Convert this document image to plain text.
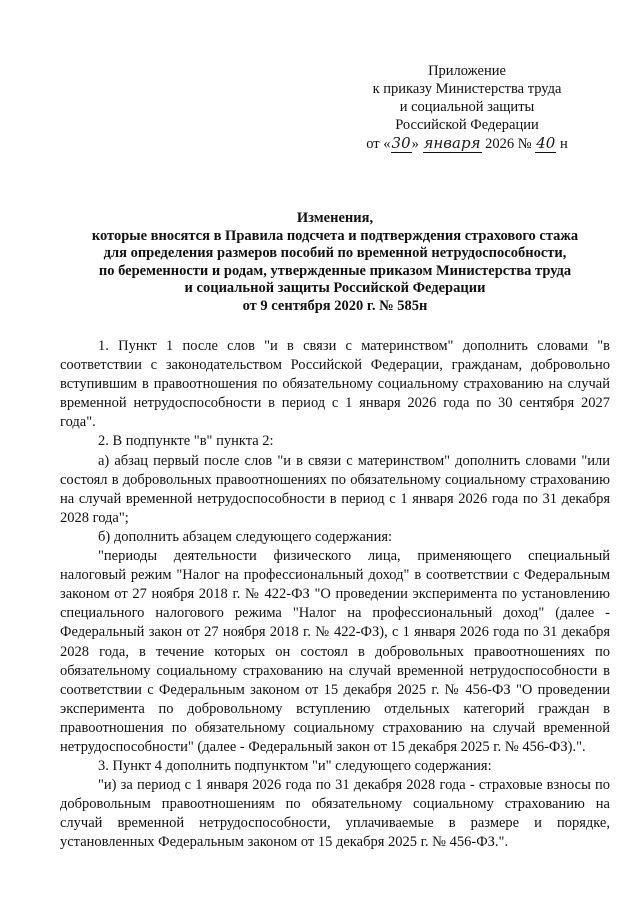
Приложение
к приказу Министерства труда
и социальной защиты
Российской Федерации
от «30» января 2026 № 40 н
Изменения,
которые вносятся в Правила подсчета и подтверждения страхового стажа
для определения размеров пособий по временной нетрудоспособности,
по беременности и родам, утвержденные приказом Министерства труда
и социальной защиты Российской Федерации
от 9 сентября 2020 г. № 585н

1. Пункт 1 после слов "и в связи с материнством" дополнить словами "в соответствии с законодательством Российской Федерации, гражданам, добровольно вступившим в правоотношения по обязательному социальному страхованию на случай временной нетрудоспособности в период с 1 января 2026 года по 30 сентября 2027 года".

2. В подпункте "в" пункта 2:

а) абзац первый после слов "и в связи с материнством" дополнить словами "или состоял в добровольных правоотношениях по обязательному социальному страхованию на случай временной нетрудоспособности в период с 1 января 2026 года по 31 декабря 2028 года";

б) дополнить абзацем следующего содержания:

"периоды деятельности физического лица, применяющего специальный налоговый режим "Налог на профессиональный доход" в соответствии с Федеральным законом от 27 ноября 2018 г. № 422-ФЗ "О проведении эксперимента по установлению специального налогового режима "Налог на профессиональный доход" (далее - Федеральный закон от 27 ноября 2018 г. № 422-ФЗ), с 1 января 2026 года по 31 декабря 2028 года, в течение которых он состоял в добровольных правоотношениях по обязательному социальному страхованию на случай временной нетрудоспособности в соответствии с Федеральным законом от 15 декабря 2025 г. № 456-ФЗ "О проведении эксперимента по добровольному вступлению отдельных категорий граждан в правоотношения по обязательному социальному страхованию на случай временной нетрудоспособности" (далее - Федеральный закон от 15 декабря 2025 г. № 456-ФЗ).".

3. Пункт 4 дополнить подпунктом "и" следующего содержания:

"и) за период с 1 января 2026 года по 31 декабря 2028 года - страховые взносы по добровольным правоотношениям по обязательному социальному страхованию на случай временной нетрудоспособности, уплачиваемые в размере и порядке, установленных Федеральным законом от 15 декабря 2025 г. № 456-ФЗ.".
